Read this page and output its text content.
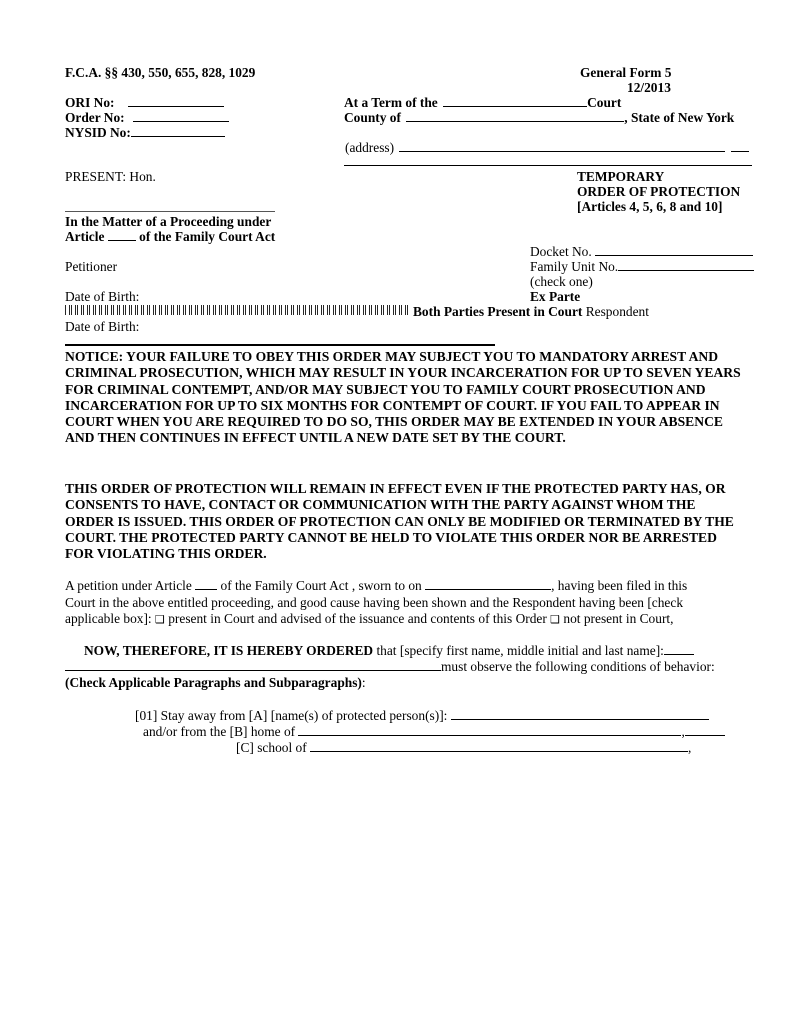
F.C.A. §§ 430, 550, 655, 828, 1029	General Form 5
12/2013
ORI No:
Order No:
NYSID No:
At a Term of the	Court
County of	, State of New York
(address)
PRESENT: Hon.
In the Matter of a Proceeding under
Article	of the Family Court Act
Petitioner
Date of Birth:
Date of Birth:
TEMPORARY
ORDER OF PROTECTION
[Articles 4, 5, 6, 8 and 10]
Docket No.
Family Unit No.
(check one)
Ex Parte
Both Parties Present in Court Respondent

NOTICE: YOUR FAILURE TO OBEY THIS ORDER MAY SUBJECT YOU TO MANDATORY ARREST AND CRIMINAL PROSECUTION, WHICH MAY RESULT IN YOUR INCARCERATION FOR UP TO SEVEN YEARS FOR CRIMINAL CONTEMPT, AND/OR MAY SUBJECT YOU TO FAMILY COURT PROSECUTION AND INCARCERATION FOR UP TO SIX MONTHS FOR CONTEMPT OF COURT. IF YOU FAIL TO APPEAR IN COURT WHEN YOU ARE REQUIRED TO DO SO, THIS ORDER MAY BE EXTENDED IN YOUR ABSENCE AND THEN CONTINUES IN EFFECT UNTIL A NEW DATE SET BY THE COURT.

THIS ORDER OF PROTECTION WILL REMAIN IN EFFECT EVEN IF THE PROTECTED PARTY HAS, OR CONSENTS TO HAVE, CONTACT OR COMMUNICATION WITH THE PARTY AGAINST WHOM THE ORDER IS ISSUED. THIS ORDER OF PROTECTION CAN ONLY BE MODIFIED OR TERMINATED BY THE COURT. THE PROTECTED PARTY CANNOT BE HELD TO VIOLATE THIS ORDER NOR BE ARRESTED FOR VIOLATING THIS ORDER.

A petition under Article of the Family Court Act , sworn to on	, having been filed in this
Court in the above entitled proceeding, and good cause having been shown and the Respondent having been [check
applicable box]: ❑ present in Court and advised of the issuance and contents of this Order ❑ not present in Court,
NOW, THEREFORE, IT IS HEREBY ORDERED that [specify first name, middle initial and last name]:
must observe the following conditions of behavior:
(Check Applicable Paragraphs and Subparagraphs):
[01] Stay away from [A] [name(s) of protected person(s)]:
and/or from the [B] home of	,
[C] school of	,
